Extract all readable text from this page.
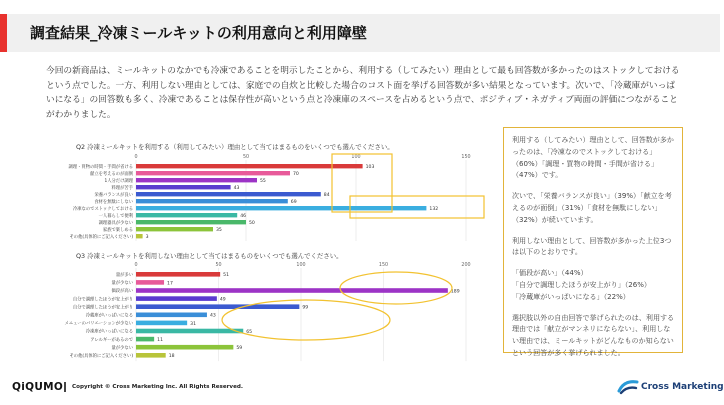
調査結果_冷凍ミールキットの利用意向と利用障壁
今回の新商品は、ミールキットのなかでも冷凍であることを明示したことから、利用する（してみたい）理由として最も回答数が多かったのはストックしておけるという点でした。一方、利用しない理由としては、家庭での自炊と比較した場合のコスト面を挙げる回答数が多い結果となっています。次いで、「冷蔵庫がいっぱいになる」の回答数も多く、冷凍であることは保存性が高いという点と冷凍庫のスペースを占めるという点で、ポジティブ・ネガティブ両面の評価につながることがわかりました。
Q2 冷凍ミールキットを利用する（利用してみたい）理由として当てはまるものをいくつでも選んでください。
0	50	100	150
調理・買物の時間・手間が省ける	103
献立を考えるのが面倒	70
1人分だけ調理	55
料理が苦手	43
栄養バランスが良い	84
食材を無駄にしない	69
冷凍なのでストックしておける	132
一人暮らしで便利	46
調理器具が少ない	50
家族で楽しめる	35
その他(具体的にご記入ください)	3
Q3 冷凍ミールキットを利用しない理由として当てはまるものをいくつでも選んでください。
0	50	100	150	200
量が多い	51
量が少ない	17
価段が高い	189
自分で調理したほうが安上がり	49
自分で調理したほうが安上がり	99
冷蔵庫がいっぱいになる	43
メニューのバリエーションが少ない	31
冷凍庫がいっぱいになる	65
アレルギーがあるので	11
量が少ない	59
その他(具体的にご記入ください)	18

利用する（してみたい）理由として、回答数が多かったのは、「冷凍なのでストックしておける」（60%）「調理・買物の時間・手間が省ける」（47%）です。

次いで、「栄養バランスが良い」（39%）「献立を考えるのが面倒」（31%）「食材を無駄にしない」（32%）が続いています。

利用しない理由として、回答数が多かった上位3つは以下のとおりです。

「価段が高い」（44%）
「自分で調理したほうが安上がり」（26%）
「冷蔵庫がいっぱいになる」（22%）

選択肢以外の自由回答で挙げられたのは、利用する理由では「献立がマンネリにならない」、利用しない理由では、ミールキットがどんなものか知らないという回答が多く挙げられました。

QiQUMO Copyright © Cross Marketing Inc. All Rights Reserved.	Cross Marketing
